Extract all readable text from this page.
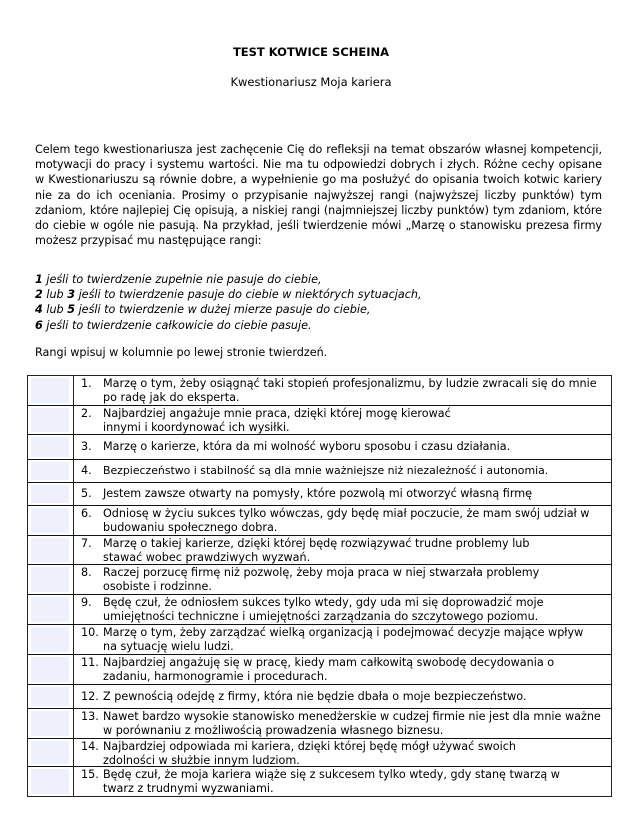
TEST KOTWICE SCHEINA
Kwestionariusz Moja kariera

Celem tego kwestionariusza jest zachęcenie Cię do refleksji na temat obszarów własnej kompetencji, motywacji do pracy i systemu wartości. Nie ma tu odpowiedzi dobrych i złych. Różne cechy opisane w Kwestionariuszu są równie dobre, a wypełnienie go ma posłużyć do opisania twoich kotwic kariery nie za do ich oceniania. Prosimy o przypisanie najwyższej rangi (najwyższej liczby punktów) tym zdaniom, które najlepiej Cię opisują, a niskiej rangi (najmniejszej liczby punktów) tym zdaniom, które do ciebie w ogóle nie pasują. Na przykład, jeśli twierdzenie mówi „Marzę o stanowisku prezesa firmy możesz przypisać mu następujące rangi:

1 jeśli to twierdzenie zupełnie nie pasuje do ciebie,
2 lub 3 jeśli to twierdzenie pasuje do ciebie w niektórych sytuacjach,
4 lub 5 jeśli to twierdzenie w dużej mierze pasuje do ciebie,
6 jeśli to twierdzenie całkowicie do ciebie pasuje.
Rangi wpisuj w kolumnie po lewej stronie twierdzeń.
1.	Marzę o tym, żeby osiągnąć taki stopień profesjonalizmu, by ludzie zwracali się do mnie po radę jak do eksperta.
2.	Najbardziej angażuje mnie praca, dzięki której mogę kierować innymi i koordynować ich wysiłki.
3.	Marzę o karierze, która da mi wolność wyboru sposobu i czasu działania.
4.	Bezpieczeństwo i stabilność są dla mnie ważniejsze niż niezależność i autonomia.
5.	Jestem zawsze otwarty na pomysły, które pozwolą mi otworzyć własną firmę
6.	Odniosę w życiu sukces tylko wówczas, gdy będę miał poczucie, że mam swój udział w budowaniu społecznego dobra.
7.	Marzę o takiej karierze, dzięki której będę rozwiązywać trudne problemy lub stawać wobec prawdziwych wyzwań.
8.	Raczej porzucę firmę niż pozwolę, żeby moja praca w niej stwarzała problemy osobiste i rodzinne.
9.	Będę czuł, że odniosłem sukces tylko wtedy, gdy uda mi się doprowadzić moje umiejętności techniczne i umiejętności zarządzania do szczytowego poziomu.
10. Marzę o tym, żeby zarządzać wielką organizacją i podejmować decyzje mające wpływ na sytuację wielu ludzi.
11. Najbardziej angażuję się w pracę, kiedy mam całkowitą swobodę decydowania o zadaniu, harmonogramie i procedurach.
12. Z pewnością odejdę z firmy, która nie będzie dbała o moje bezpieczeństwo.
13. Nawet bardzo wysokie stanowisko menedżerskie w cudzej firmie nie jest dla mnie ważne w porównaniu z możliwością prowadzenia własnego biznesu.
14. Najbardziej odpowiada mi kariera, dzięki której będę mógł używać swoich zdolności w służbie innym ludziom.
15. Będę czuł, że moja kariera wiąże się z sukcesem tylko wtedy, gdy stanę twarzą w twarz z trudnymi wyzwaniami.
